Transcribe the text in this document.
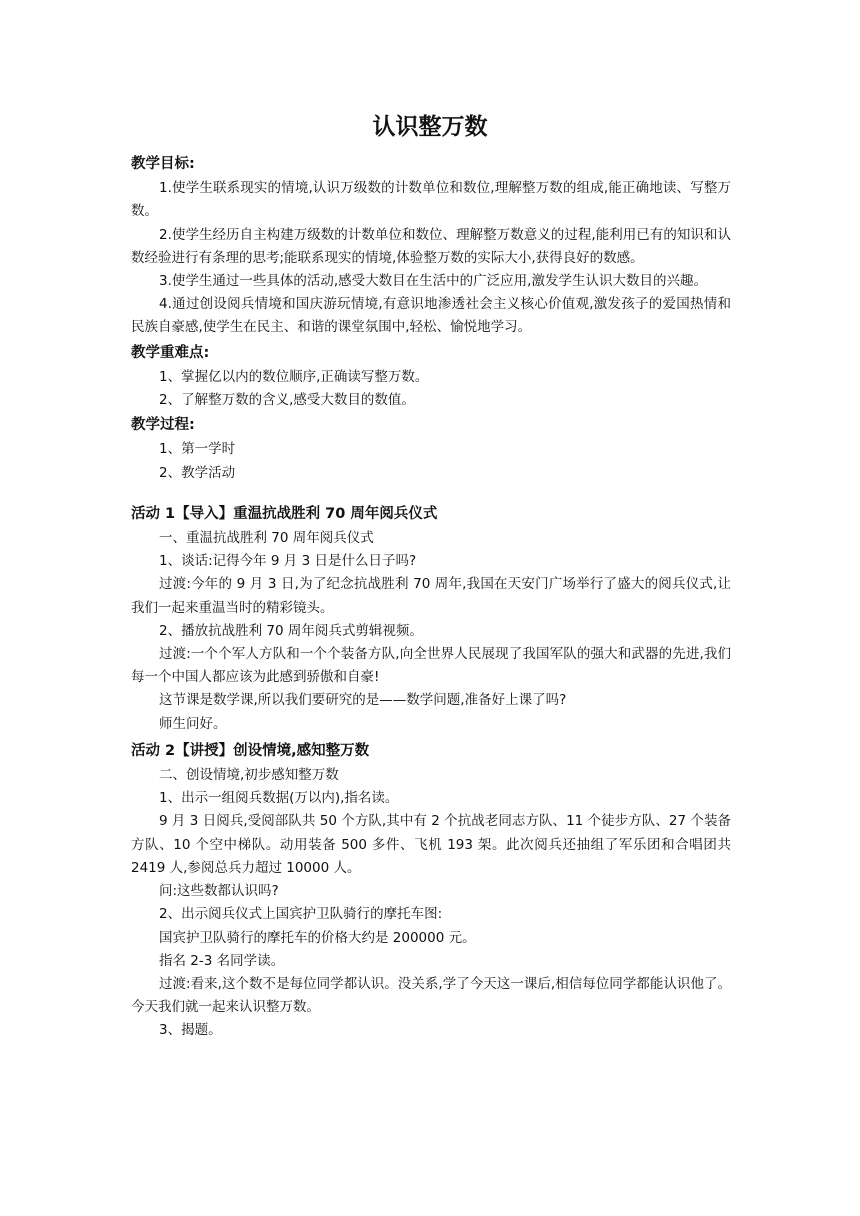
认识整万数
教学目标:

1.使学生联系现实的情境,认识万级数的计数单位和数位,理解整万数的组成,能正确地读、写整万数。

2.使学生经历自主构建万级数的计数单位和数位、理解整万数意义的过程,能利用已有的知识和认数经验进行有条理的思考;能联系现实的情境,体验整万数的实际大小,获得良好的数感。

3.使学生通过一些具体的活动,感受大数目在生活中的广泛应用,激发学生认识大数目的兴趣。

4.通过创设阅兵情境和国庆游玩情境,有意识地渗透社会主义核心价值观,激发孩子的爱国热情和民族自豪感,使学生在民主、和谐的课堂氛围中,轻松、愉悦地学习。

教学重难点:

1、掌握亿以内的数位顺序,正确读写整万数。

2、了解整万数的含义,感受大数目的数值。

教学过程:

1、第一学时

2、教学活动

活动 1【导入】重温抗战胜利 70 周年阅兵仪式

一、重温抗战胜利 70 周年阅兵仪式

1、谈话:记得今年 9 月 3 日是什么日子吗?

过渡:今年的 9 月 3 日,为了纪念抗战胜利 70 周年,我国在天安门广场举行了盛大的阅兵仪式,让我们一起来重温当时的精彩镜头。

2、播放抗战胜利 70 周年阅兵式剪辑视频。

过渡:一个个军人方队和一个个装备方队,向全世界人民展现了我国军队的强大和武器的先进,我们每一个中国人都应该为此感到骄傲和自豪!

这节课是数学课,所以我们要研究的是——数学问题,准备好上课了吗?

师生问好。

活动 2【讲授】创设情境,感知整万数

二、创设情境,初步感知整万数

1、出示一组阅兵数据(万以内),指名读。

9 月 3 日阅兵,受阅部队共 50 个方队,其中有 2 个抗战老同志方队、11 个徒步方队、27 个装备方队、10 个空中梯队。动用装备 500 多件、飞机 193 架。此次阅兵还抽组了军乐团和合唱团共 2419 人,参阅总兵力超过 10000 人。

问:这些数都认识吗?

2、出示阅兵仪式上国宾护卫队骑行的摩托车图:

国宾护卫队骑行的摩托车的价格大约是 200000 元。

指名 2-3 名同学读。

过渡:看来,这个数不是每位同学都认识。没关系,学了今天这一课后,相信每位同学都能认识他了。今天我们就一起来认识整万数。

3、揭题。
